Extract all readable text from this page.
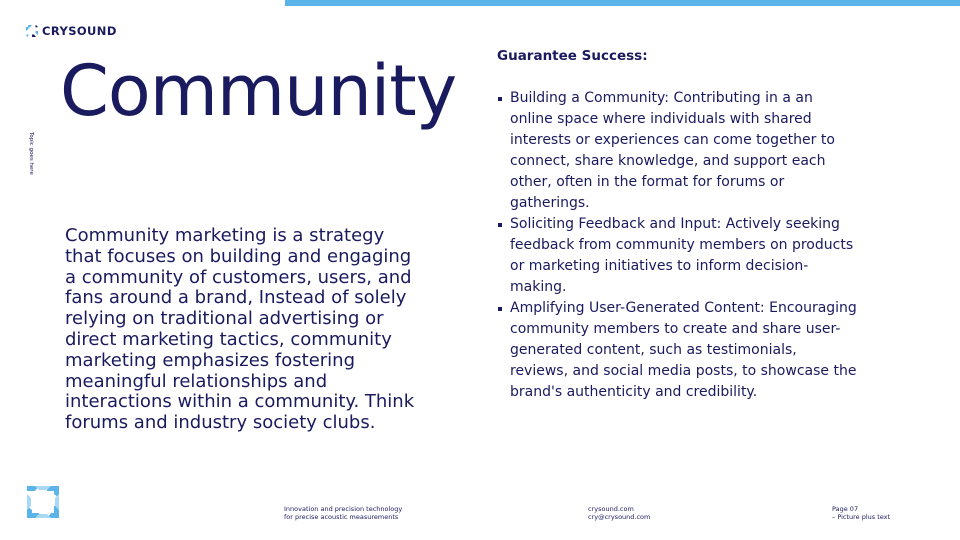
CRYSOUND
Topic goes here
Community

Community marketing is a strategy that focuses on building and engaging a community of customers, users, and fans around a brand, Instead of solely relying on traditional advertising or direct marketing tactics, community marketing emphasizes fostering meaningful relationships and interactions within a community. Think forums and industry society clubs.

Guarantee Success:
Building a Community: Contributing in a an online space where individuals with shared interests or experiences can come together to connect, share knowledge, and support each other, often in the format for forums or gatherings.
Soliciting Feedback and Input: Actively seeking feedback from community members on products or marketing initiatives to inform decision-making.
Amplifying User-Generated Content: Encouraging community members to create and share user-generated content, such as testimonials, reviews, and social media posts, to showcase the brand's authenticity and credibility.
Innovation and precision technology
for precise acoustic measurements
crysound.com
cry@crysound.com
Page 07
– Picture plus text
